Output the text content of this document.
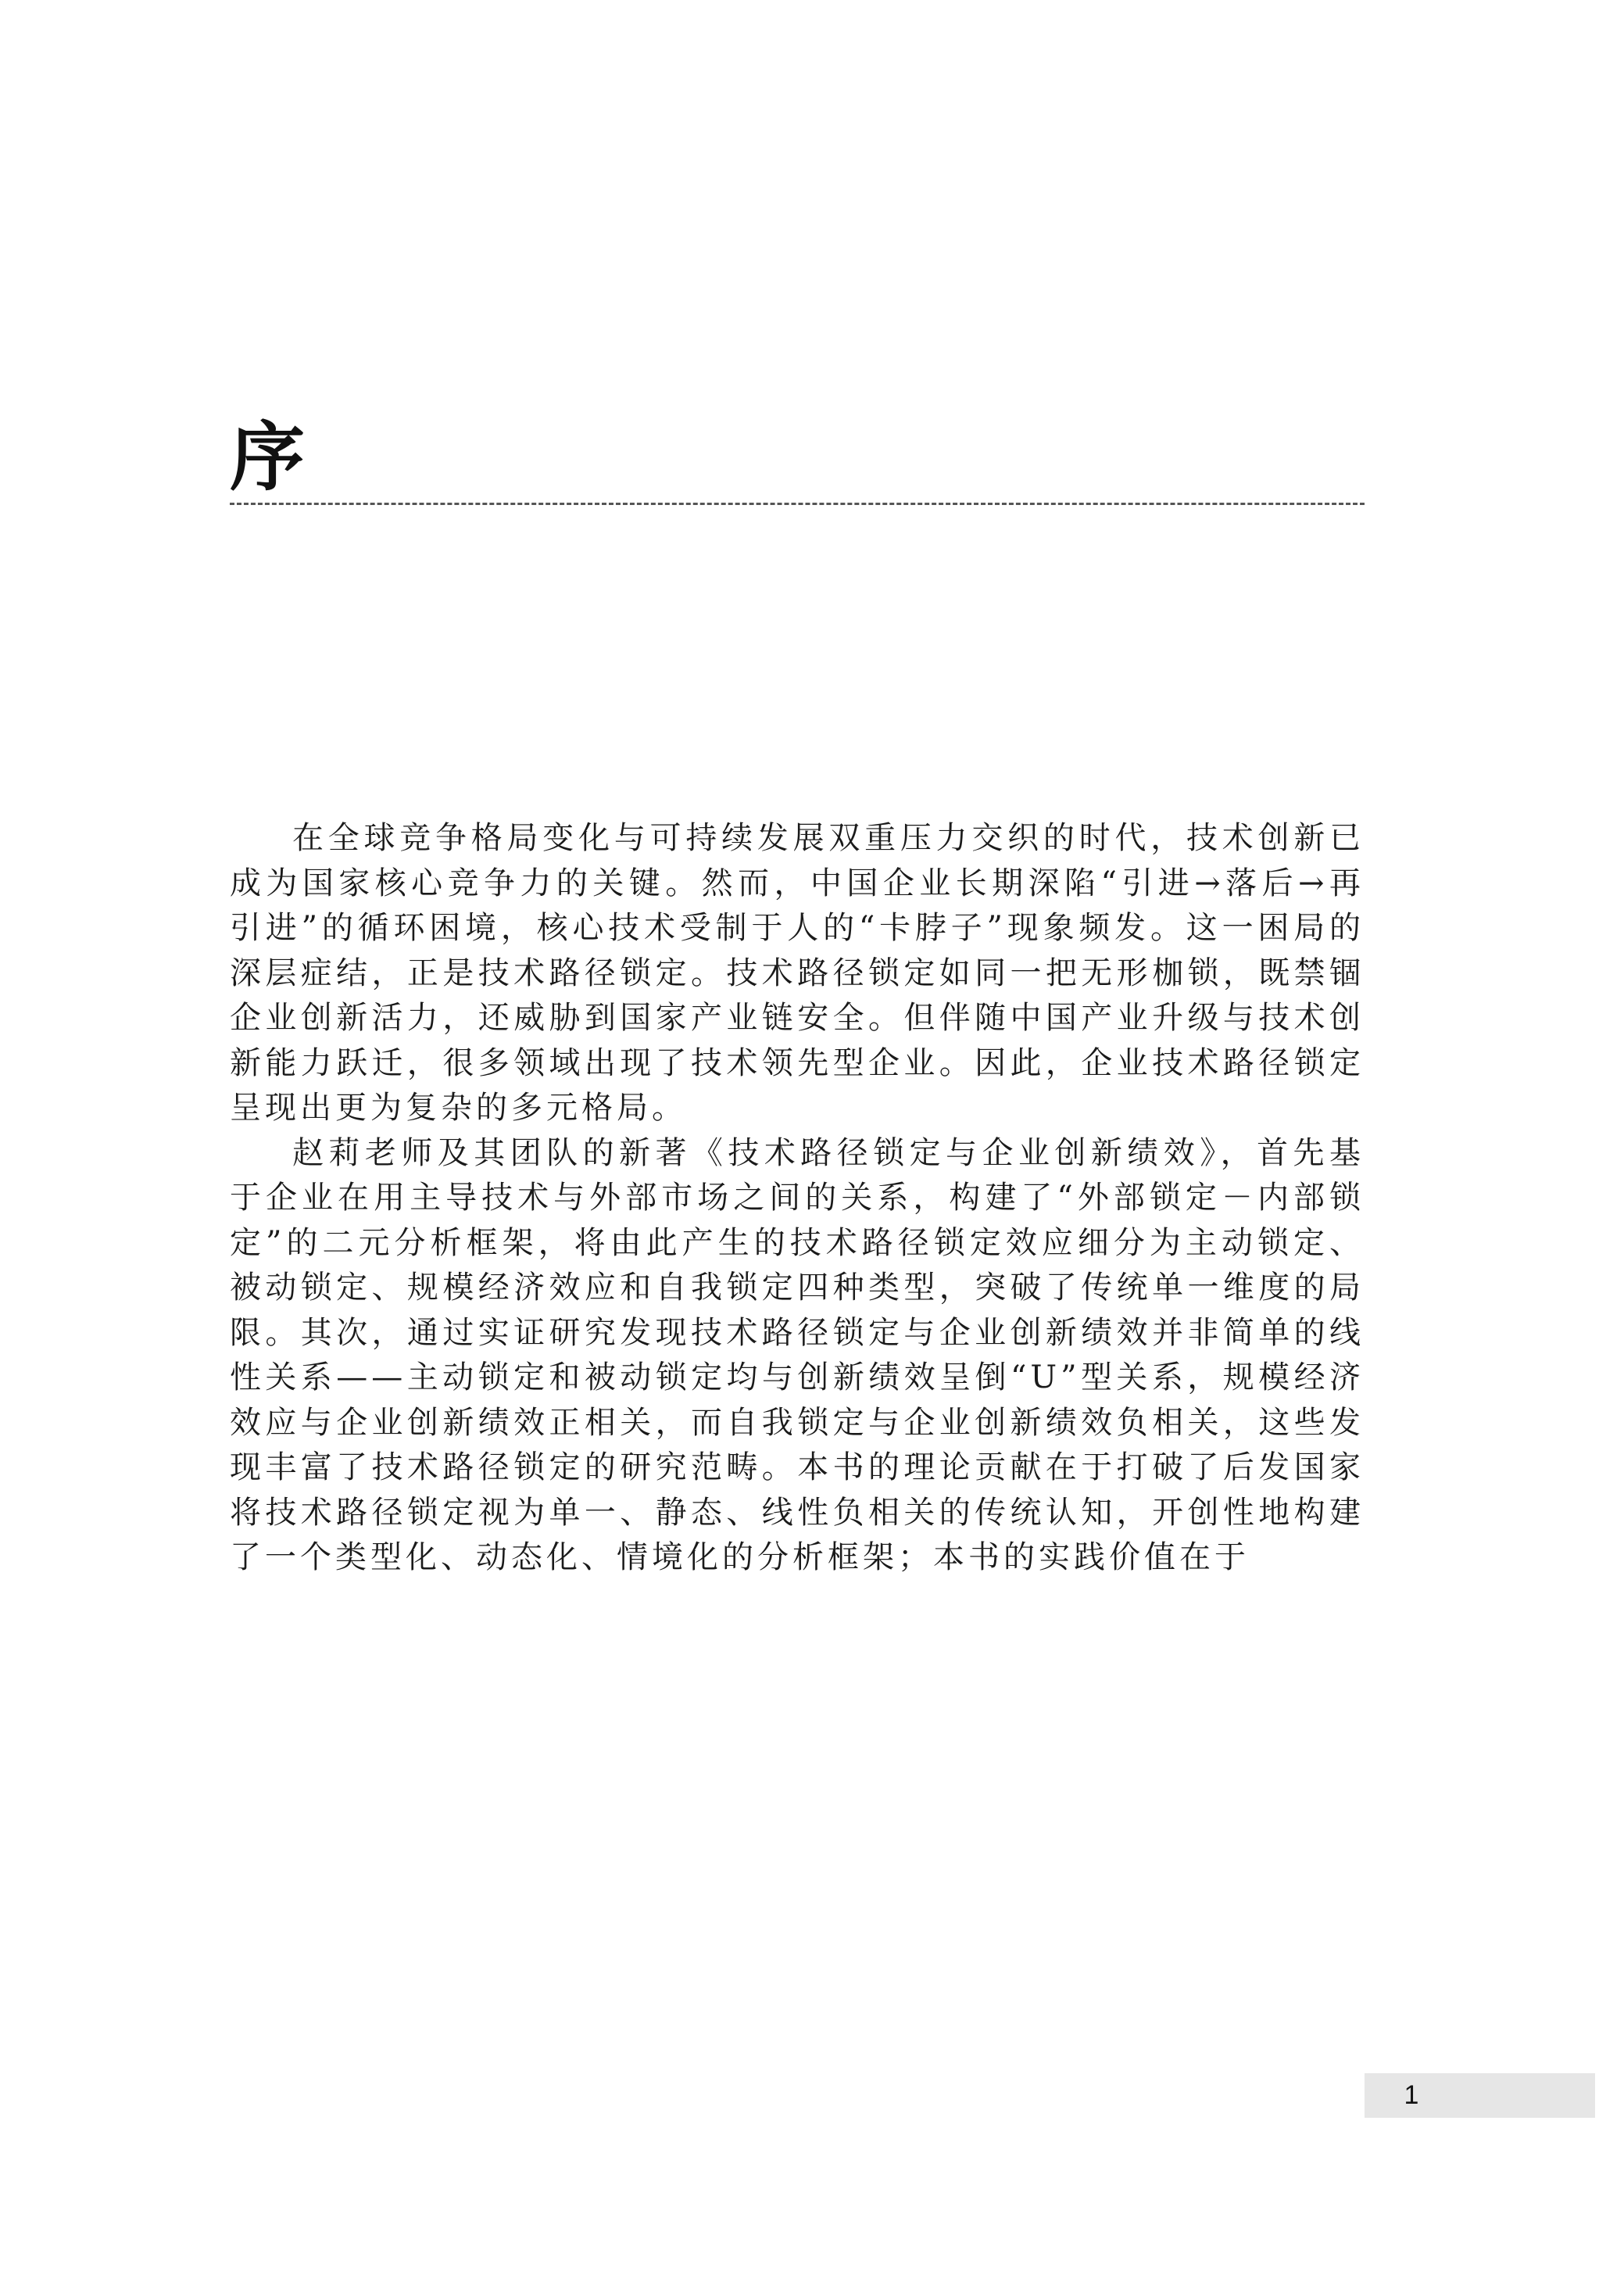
序

在全球竞争格局变化与可持续发展双重压力交织的时代，技术创新已成为国家核心竞争力的关键。然而，中国企业长期深陷“引进→落后→再引进”的循环困境，核心技术受制于人的“卡脖子”现象频发。这一困局的深层症结，正是技术路径锁定。技术路径锁定如同一把无形枷锁，既禁锢企业创新活力，还威胁到国家产业链安全。但伴随中国产业升级与技术创新能力跃迁，很多领域出现了技术领先型企业。因此，企业技术路径锁定呈现出更为复杂的多元格局。

赵莉老师及其团队的新著《技术路径锁定与企业创新绩效》，首先基于企业在用主导技术与外部市场之间的关系，构建了“外部锁定－内部锁定”的二元分析框架，将由此产生的技术路径锁定效应细分为主动锁定、被动锁定、规模经济效应和自我锁定四种类型，突破了传统单一维度的局限。其次，通过实证研究发现技术路径锁定与企业创新绩效并非简单的线性关系——主动锁定和被动锁定均与创新绩效呈倒“U”型关系，规模经济效应与企业创新绩效正相关，而自我锁定与企业创新绩效负相关，这些发现丰富了技术路径锁定的研究范畴。本书的理论贡献在于打破了后发国家将技术路径锁定视为单一、静态、线性负相关的传统认知，开创性地构建了一个类型化、动态化、情境化的分析框架；本书的实践价值在于

1
